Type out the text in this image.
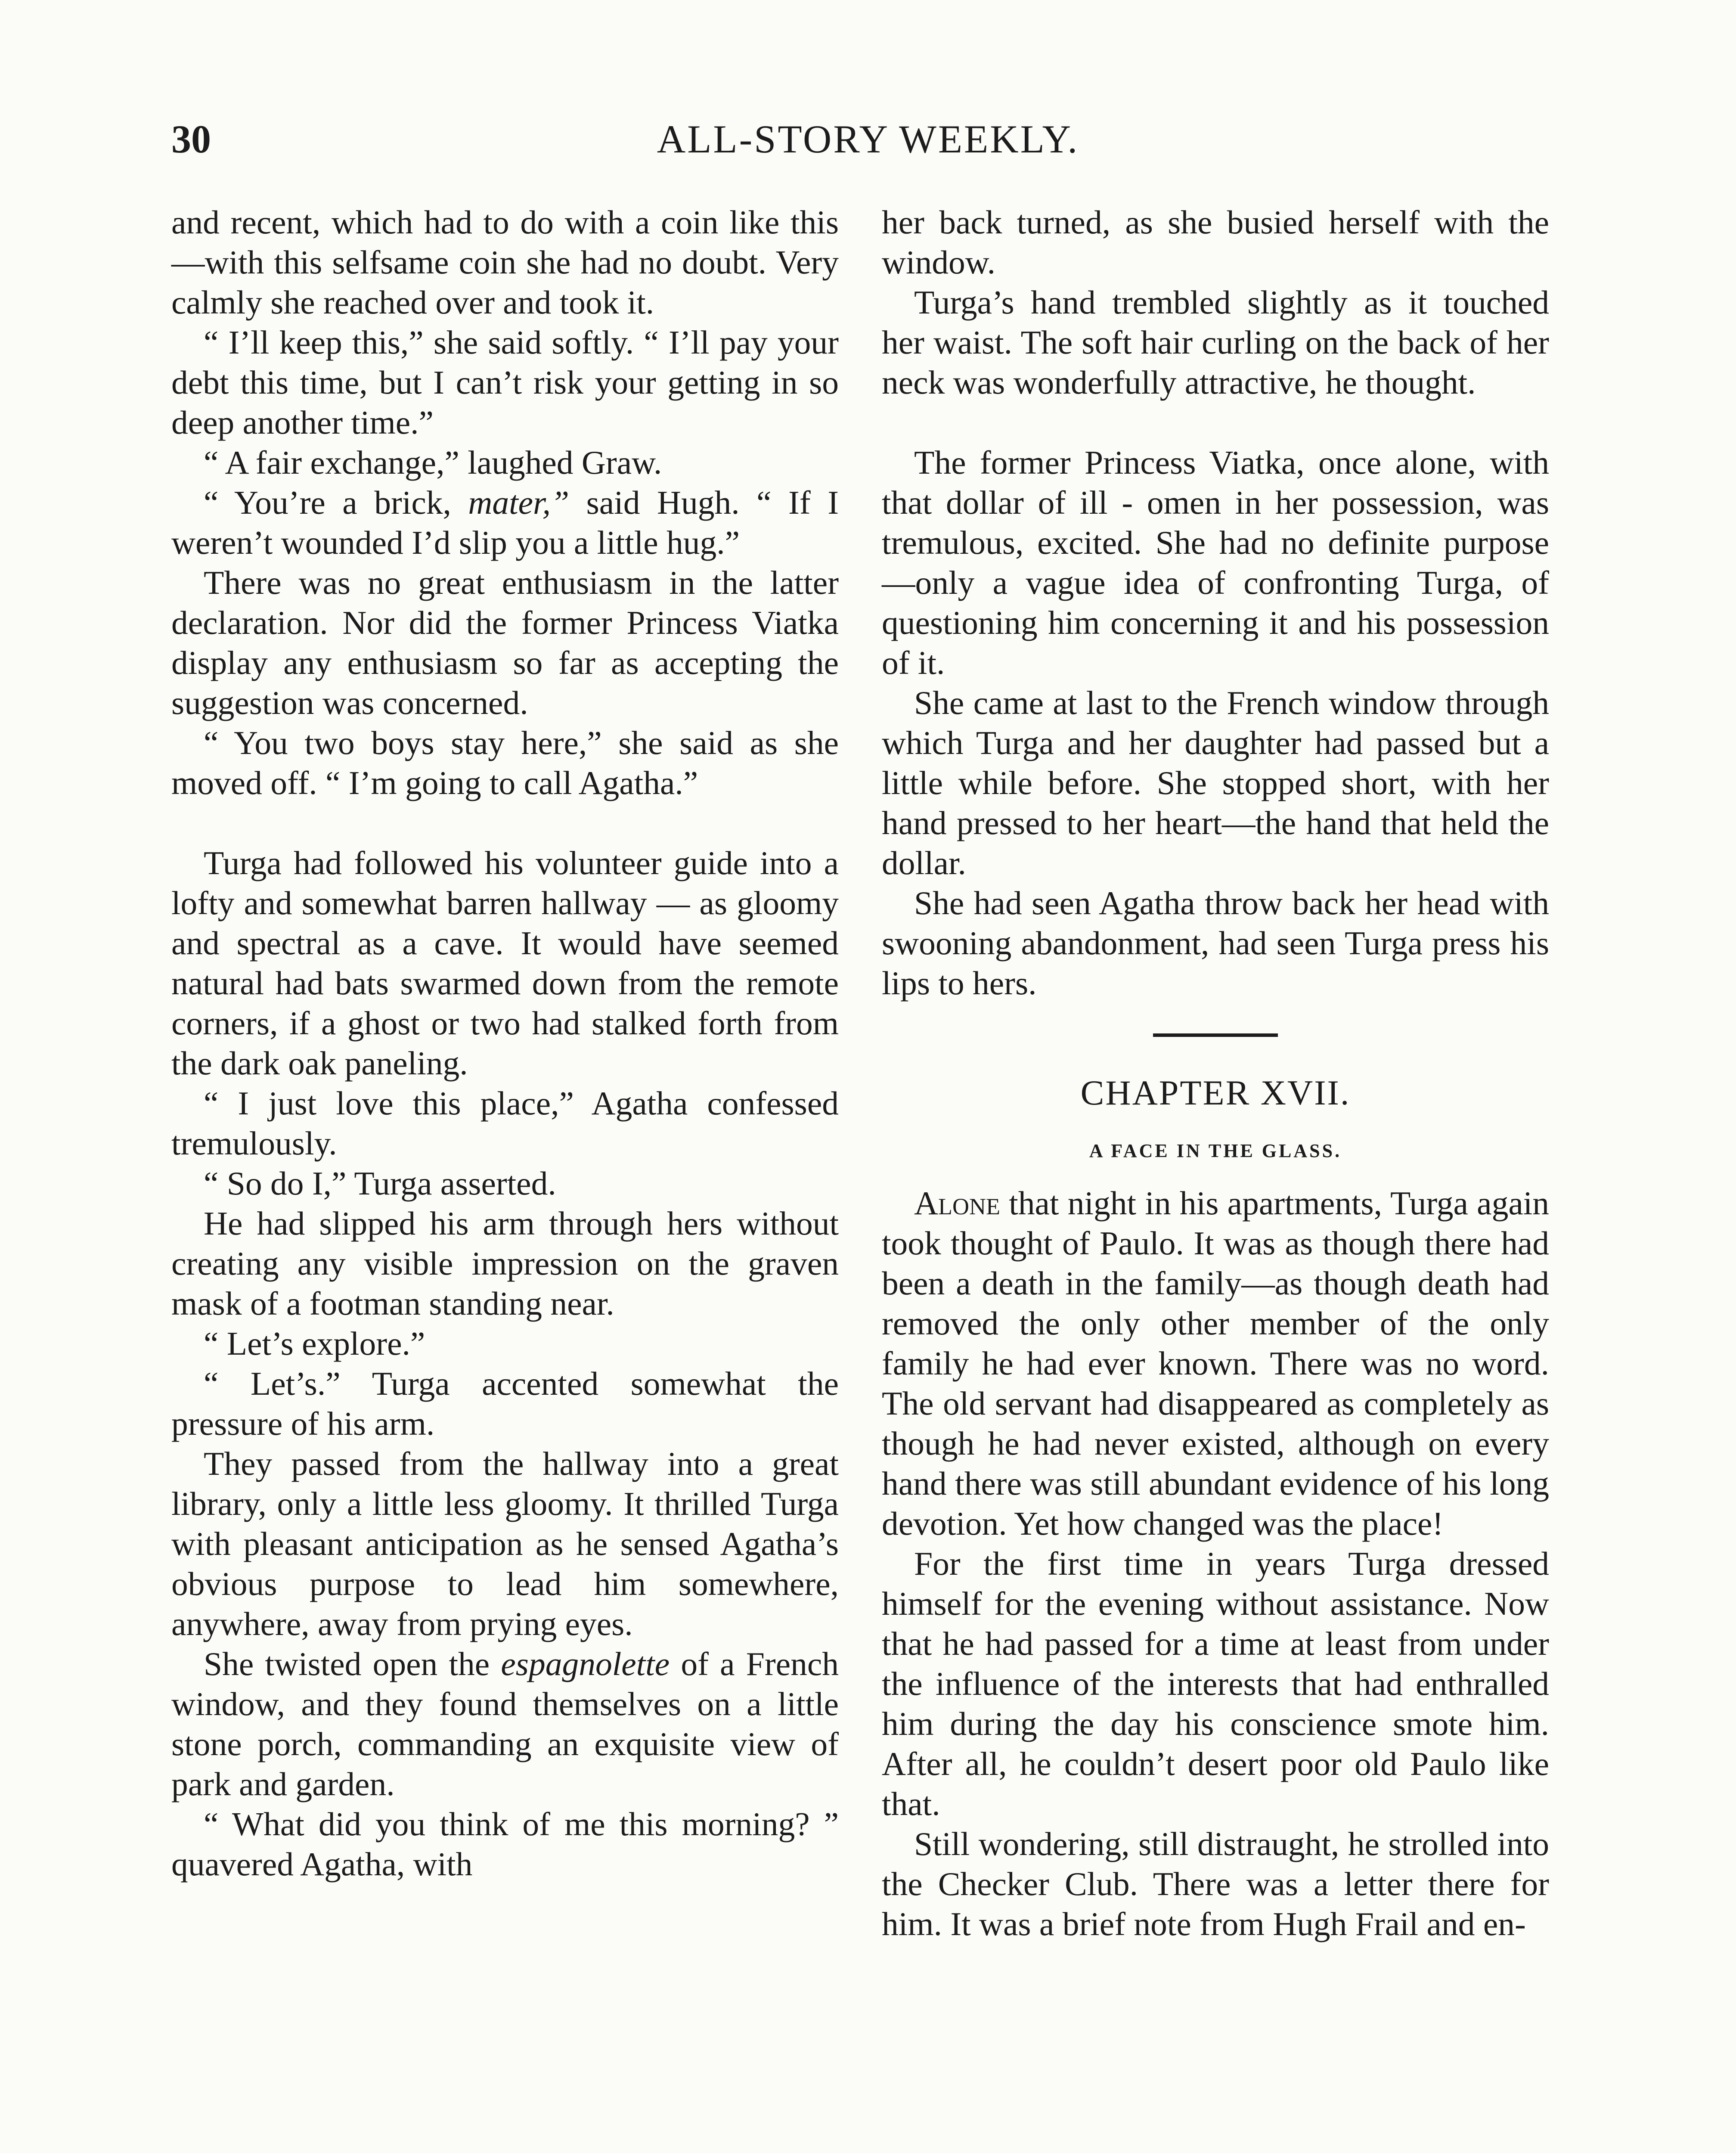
30	ALL-STORY WEEKLY.

and recent, which had to do with a coin like this—with this selfsame coin she had no doubt. Very calmly she reached over and took it.

“ I’ll keep this,” she said softly. “ I’ll pay your debt this time, but I can’t risk your getting in so deep another time.”

“ A fair exchange,” laughed Graw.

“ You’re a brick, mater,” said Hugh. “ If I weren’t wounded I’d slip you a little hug.”

There was no great enthusiasm in the latter declaration. Nor did the former Princess Viatka display any enthusiasm so far as accepting the suggestion was concerned.

“ You two boys stay here,” she said as she moved off. “ I’m going to call Agatha.”

Turga had followed his volunteer guide into a lofty and somewhat barren hallway — as gloomy and spectral as a cave. It would have seemed natural had bats swarmed down from the remote corners, if a ghost or two had stalked forth from the dark oak paneling.

“ I just love this place,” Agatha confessed tremulously.

“ So do I,” Turga asserted.

He had slipped his arm through hers without creating any visible impression on the graven mask of a footman standing near.

“ Let’s explore.”

“ Let’s.” Turga accented somewhat the pressure of his arm.

They passed from the hallway into a great library, only a little less gloomy. It thrilled Turga with pleasant anticipation as he sensed Agatha’s obvious purpose to lead him somewhere, anywhere, away from prying eyes.

She twisted open the espagnolette of a French window, and they found themselves on a little stone porch, commanding an exquisite view of park and garden.

“ What did you think of me this morning? ” quavered Agatha, with

her back turned, as she busied herself with the window.

Turga’s hand trembled slightly as it touched her waist. The soft hair curling on the back of her neck was wonderfully attractive, he thought.

The former Princess Viatka, once alone, with that dollar of ill - omen in her possession, was tremulous, excited. She had no definite purpose—only a vague idea of confronting Turga, of questioning him concerning it and his possession of it.

She came at last to the French window through which Turga and her daughter had passed but a little while before. She stopped short, with her hand pressed to her heart—the hand that held the dollar.

She had seen Agatha throw back her head with swooning abandonment, had seen Turga press his lips to hers.

CHAPTER XVII.
A FACE IN THE GLASS.

Alone that night in his apartments, Turga again took thought of Paulo. It was as though there had been a death in the family—as though death had removed the only other member of the only family he had ever known. There was no word. The old servant had disappeared as completely as though he had never existed, although on every hand there was still abundant evidence of his long devotion. Yet how changed was the place!

For the first time in years Turga dressed himself for the evening without assistance. Now that he had passed for a time at least from under the influence of the interests that had enthralled him during the day his conscience smote him. After all, he couldn’t desert poor old Paulo like that.

Still wondering, still distraught, he strolled into the Checker Club. There was a letter there for him. It was a brief note from Hugh Frail and en-
